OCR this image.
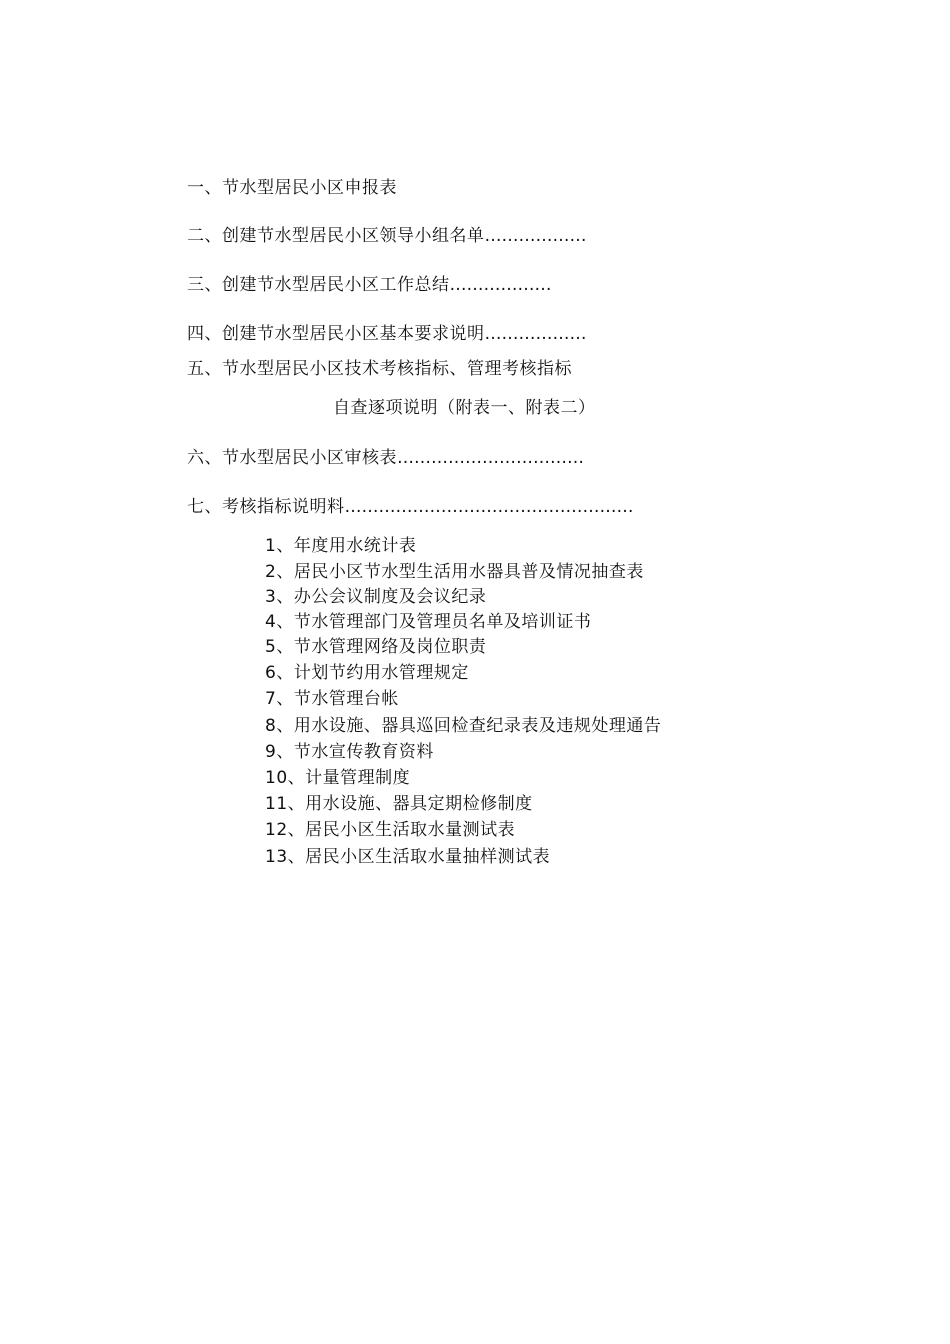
一、节水型居民小区申报表
二、创建节水型居民小区领导小组名单………………
三、创建节水型居民小区工作总结………………
四、创建节水型居民小区基本要求说明………………
五、节水型居民小区技术考核指标、管理考核指标
自查逐项说明（附表一、附表二）
六、节水型居民小区审核表……………………………
七、考核指标说明料……………………………………………
1、年度用水统计表
2、居民小区节水型生活用水器具普及情况抽查表
3、办公会议制度及会议纪录
4、节水管理部门及管理员名单及培训证书
5、节水管理网络及岗位职责
6、计划节约用水管理规定
7、节水管理台帐
8、用水设施、器具巡回检查纪录表及违规处理通告
9、节水宣传教育资料
10、计量管理制度
11、用水设施、器具定期检修制度
12、居民小区生活取水量测试表
13、居民小区生活取水量抽样测试表
